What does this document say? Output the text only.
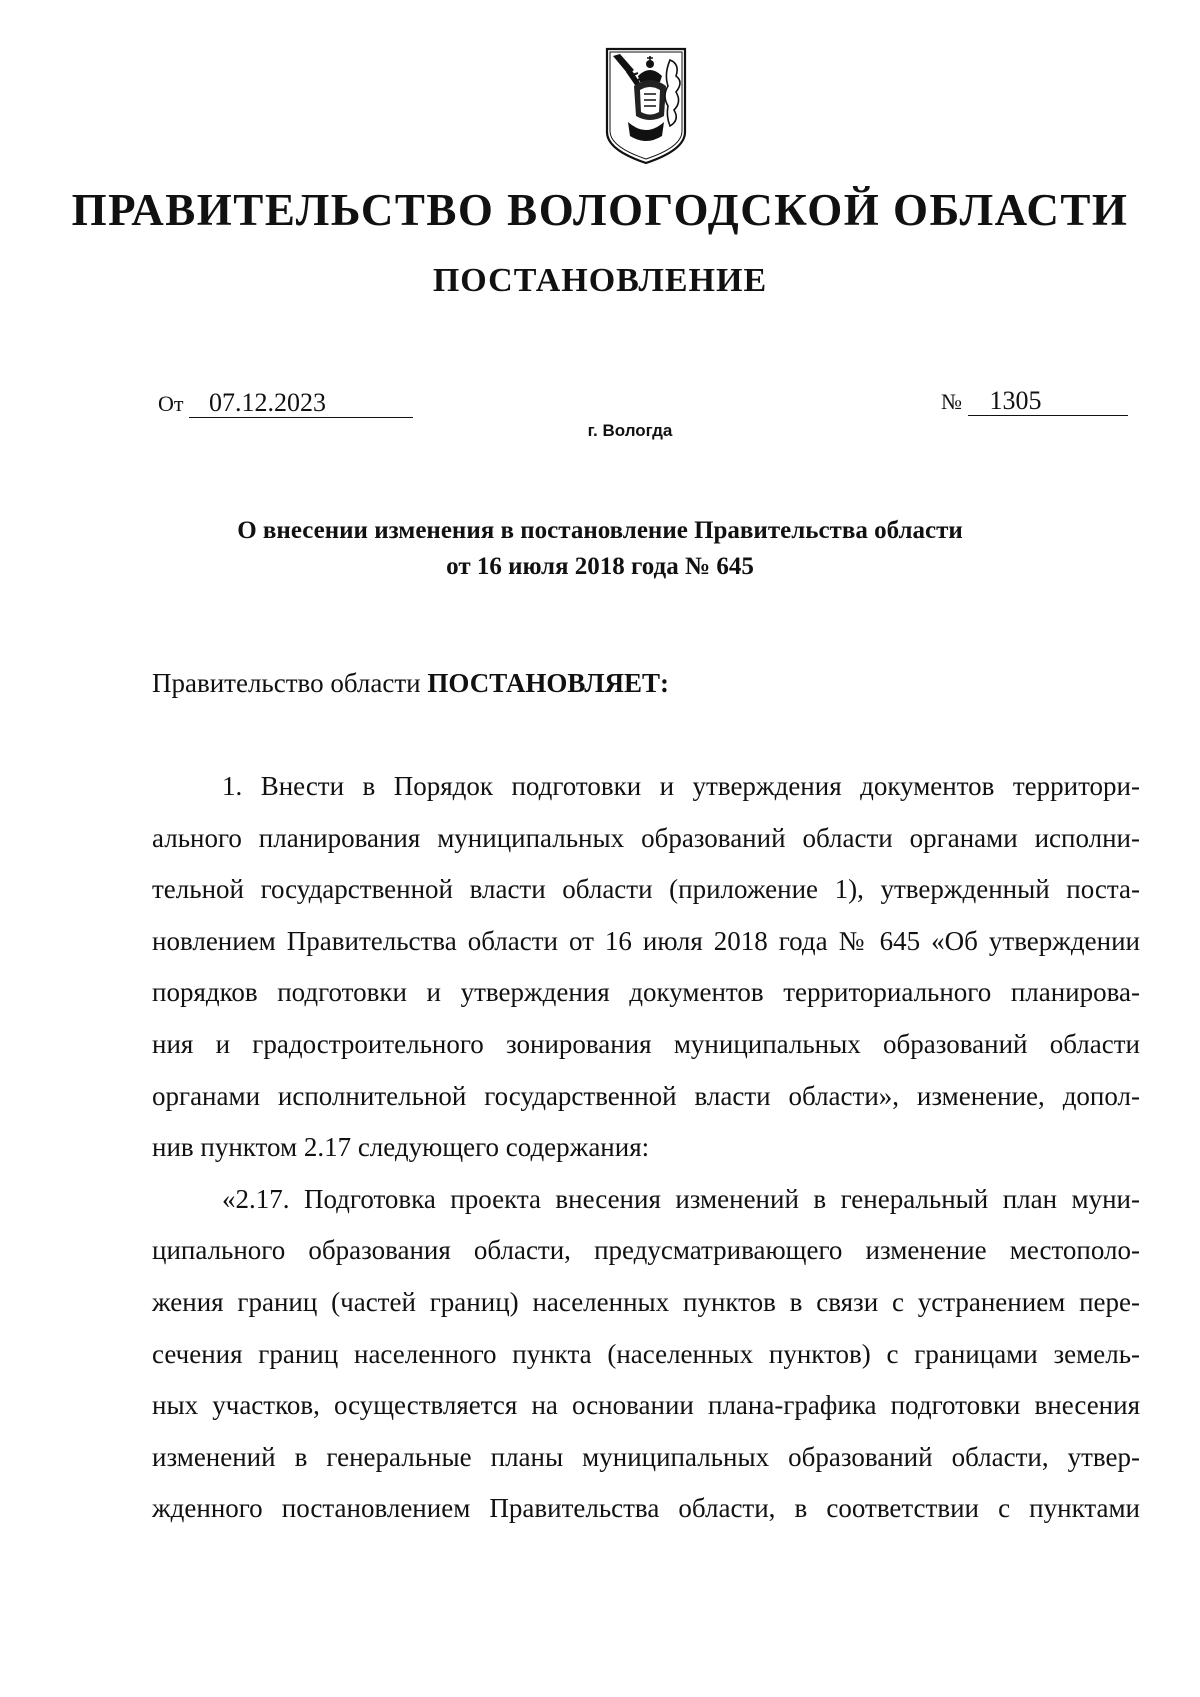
ПРАВИТЕЛЬСТВО ВОЛОГОДСКОЙ ОБЛАСТИ
ПОСТАНОВЛЕНИЕ
От 07.12.2023	№ 1305
г. Вологда
О внесении изменения в постановление Правительства области
от 16 июля 2018 года № 645
Правительство области ПОСТАНОВЛЯЕТ:
1. Внести в Порядок подготовки и утверждения документов территори-
ального планирования муниципальных образований области органами исполни-
тельной государственной власти области (приложение 1), утвержденный поста-
новлением Правительства области от 16 июля 2018 года № 645 «Об утверждении
порядков подготовки и утверждения документов территориального планирова-
ния и градостроительного зонирования муниципальных образований области
органами исполнительной государственной власти области», изменение, допол-
нив пунктом 2.17 следующего содержания:
«2.17. Подготовка проекта внесения изменений в генеральный план муни-
ципального образования области, предусматривающего изменение местополо-
жения границ (частей границ) населенных пунктов в связи с устранением пере-
сечения границ населенного пункта (населенных пунктов) с границами земель-
ных участков, осуществляется на основании плана-графика подготовки внесения
изменений в генеральные планы муниципальных образований области, утвер-
жденного постановлением Правительства области, в соответствии с пунктами
